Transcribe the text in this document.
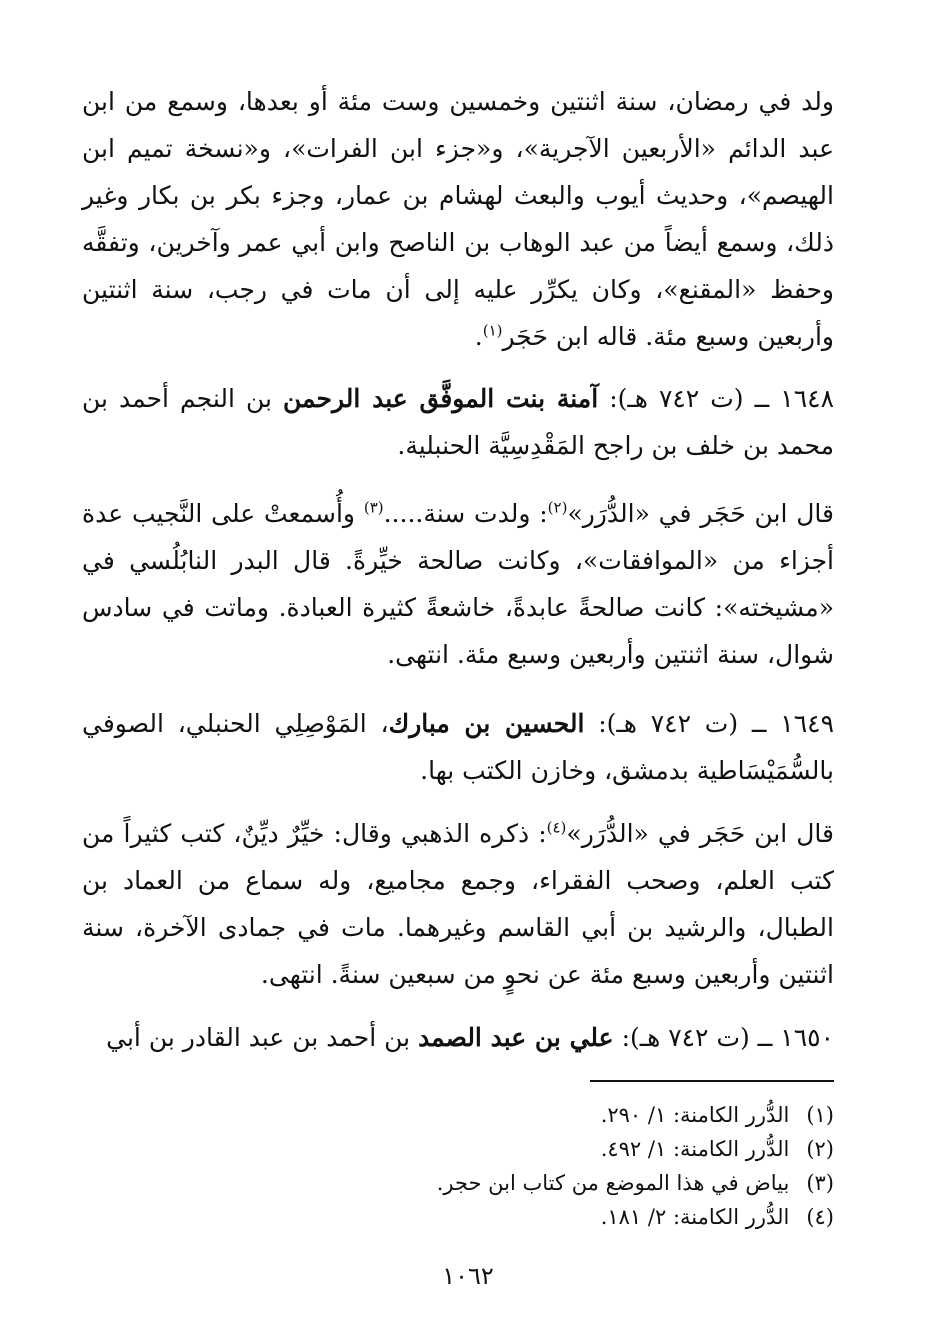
ولد في رمضان، سنة اثنتين وخمسين وست مئة أو بعدها، وسمع من ابن عبد الدائم «الأربعين الآجرية»، و«جزء ابن الفرات»، و«نسخة تميم ابن الهيصم»، وحديث أيوب والبعث لهشام بن عمار، وجزء بكر بن بكار وغير ذلك، وسمع أيضاً من عبد الوهاب بن الناصح وابن أبي عمر وآخرين، وتفقَّه وحفظ «المقنع»، وكان يكرِّر عليه إلى أن مات في رجب، سنة اثنتين وأربعين وسبع مئة. قاله ابن حَجَر$^{(١)}$.
١٦٤٨ ــ (ت ٧٤٢ هـ): آمنة بنت الموفَّق عبد الرحمن بن النجم أحمد بن محمد بن خلف بن راجح المَقْدِسِيَّة الحنبلية.
قال ابن حَجَر في «الدُّرَر»$^{(٢)}$: ولدت سنة.....$^{(٣)}$ وأُسمعتْ على النَّجيب عدة أجزاء من «الموافقات»، وكانت صالحة خيِّرةً. قال البدر النابُلُسي في «مشيخته»: كانت صالحةً عابدةً، خاشعةً كثيرة العبادة. وماتت في سادس شوال، سنة اثنتين وأربعين وسبع مئة. انتهى.
١٦٤٩ ــ (ت ٧٤٢ هـ): الحسين بن مبارك، المَوْصِلِي الحنبلي، الصوفي بالسُّمَيْسَاطية بدمشق، وخازن الكتب بها.
قال ابن حَجَر في «الدُّرَر»$^{(٤)}$: ذكره الذهبي وقال: خيِّرٌ ديِّنٌ، كتب كثيراً من كتب العلم، وصحب الفقراء، وجمع مجاميع، وله سماع من العماد بن الطبال، والرشيد بن أبي القاسم وغيرهما. مات في جمادى الآخرة، سنة اثنتين وأربعين وسبع مئة عن نحوٍ من سبعين سنةً. انتهى.
١٦٥٠ ــ (ت ٧٤٢ هـ): علي بن عبد الصمد بن أحمد بن عبد القادر بن أبي
(١) الدُّرر الكامنة: ١/ ٢٩٠.
(٢) الدُّرر الكامنة: ١/ ٤٩٢.
(٣) بياض في هذا الموضع من كتاب ابن حجر.
(٤) الدُّرر الكامنة: ٢/ ١٨١.
١٠٦٢
